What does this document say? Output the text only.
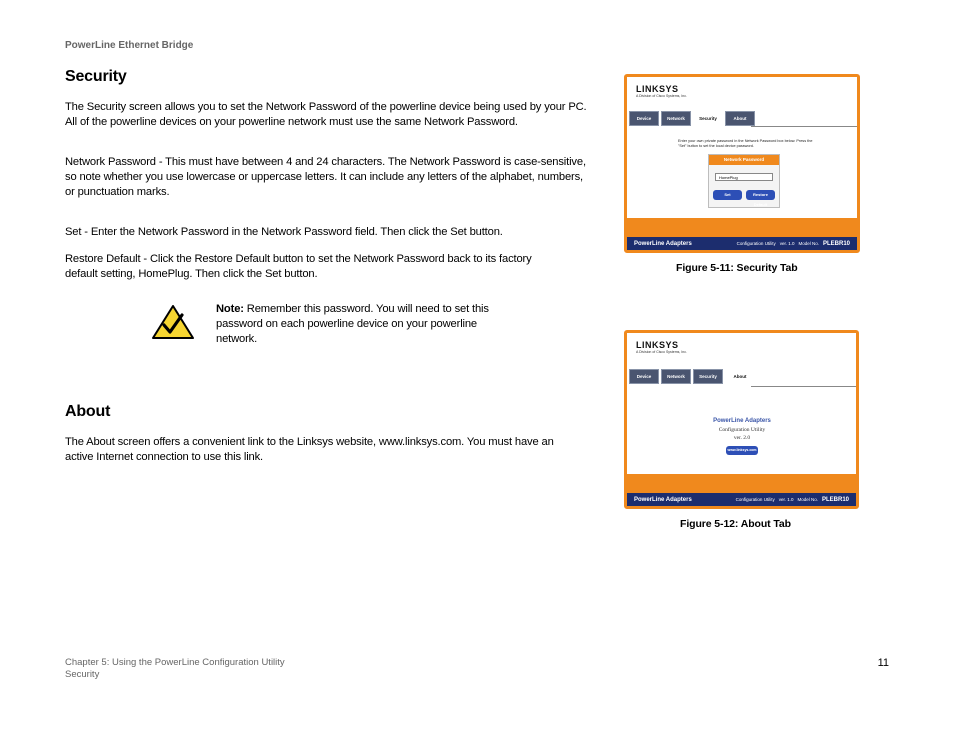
PowerLine Ethernet Bridge
Security
The Security screen allows you to set the Network Password of the powerline device being used by your PC. All of the powerline devices on your powerline network must use the same Network Password.
Network Password - This must have between 4 and 24 characters. The Network Password is case-sensitive, so note whether you use lowercase or uppercase letters. It can include any letters of the alphabet, numbers, or punctuation marks.
Set - Enter the Network Password in the Network Password field. Then click the Set button.
Restore Default - Click the Restore Default button to set the Network Password back to its factory default setting, HomePlug. Then click the Set button.
Note: Remember this password. You will need to set this password on each powerline device on your powerline network.
About
The About screen offers a convenient link to the Linksys website, www.linksys.com. You must have an active Internet connection to use this link.
LINKSYS
A Division of Cisco Systems, Inc.
Device	Network	Security	About
Enter your own private password in the Network Password box below. Press the "Set" button to set the local device password.
Network Password
HomePlug
Set	Restore Default
PowerLine Adapters	Configuration Utility ver. 1.0 Model No. PLEBR10
Figure 5-11: Security Tab
LINKSYS
A Division of Cisco Systems, Inc.
Device	Network	Security	About
PowerLine Adapters
Configuration Utility
ver. 2.0
www.linksys.com
PowerLine Adapters	Configuration Utility ver. 1.0 Model No. PLEBR10
Figure 5-12: About Tab
Chapter 5: Using the PowerLine Configuration Utility
Security
11
